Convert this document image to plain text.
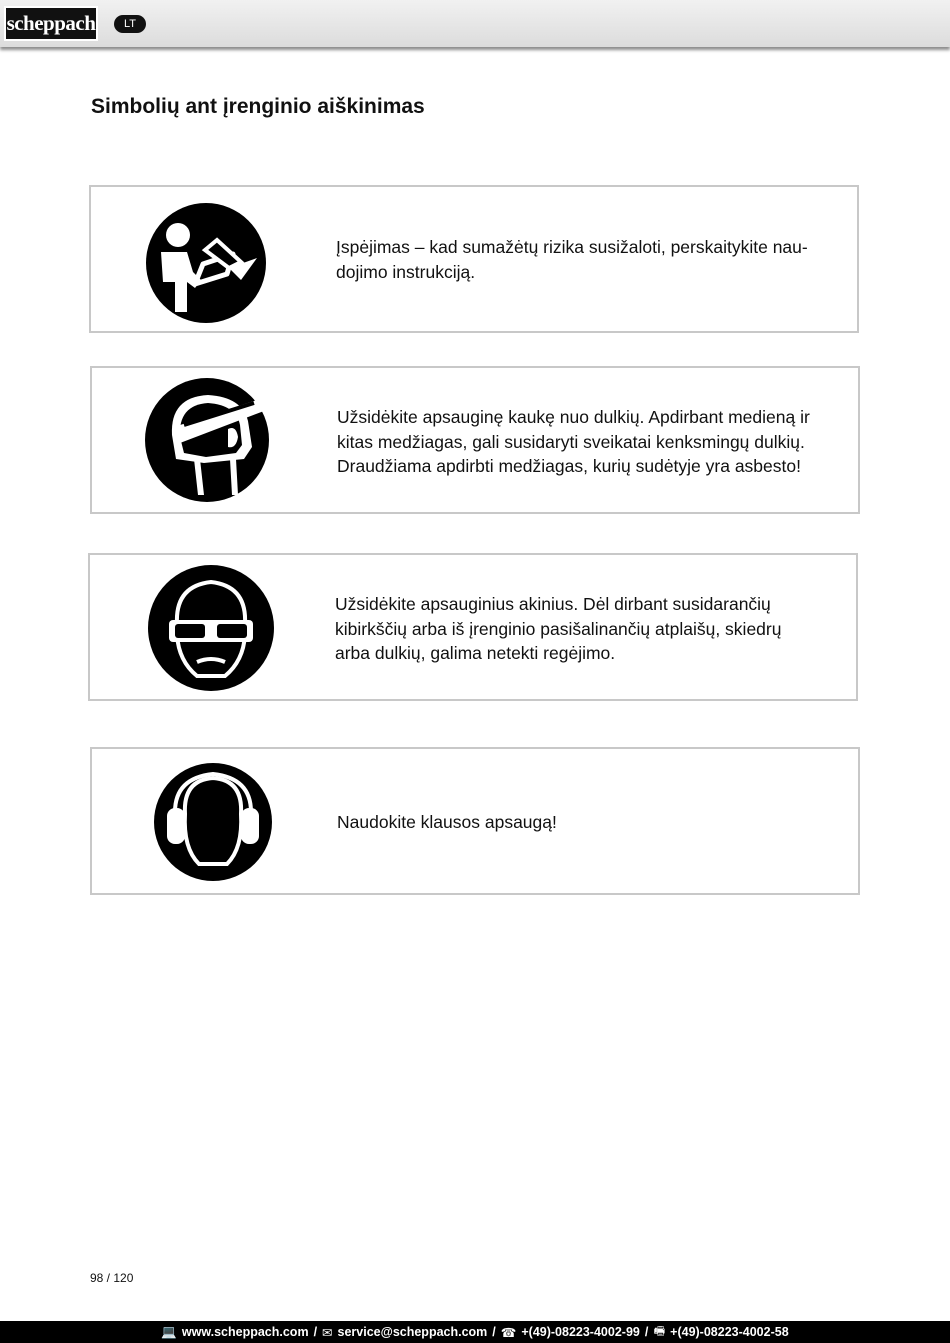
scheppach	LT
Simbolių ant įrenginio aiškinimas

Įspėjimas – kad sumažėtų rizika susižaloti, perskaitykite nau-
dojimo instrukciją.

Užsidėkite apsauginę kaukę nuo dulkių. Apdirbant medieną ir
kitas medžiagas, gali susidaryti sveikatai kenksmingų dulkių.
Draudžiama apdirbti medžiagas, kurių sudėtyje yra asbesto!

Užsidėkite apsauginius akinius. Dėl dirbant susidarančių
kibirkščių arba iš įrenginio pasišalinančių atplaišų, skiedrų
arba dulkių, galima netekti regėjimo.

Naudokite klausos apsaugą!

98 / 120
💻 www.scheppach.com / ✉ service@scheppach.com / ☎ +(49)-08223-4002-99 / 🖷 +(49)-08223-4002-58
